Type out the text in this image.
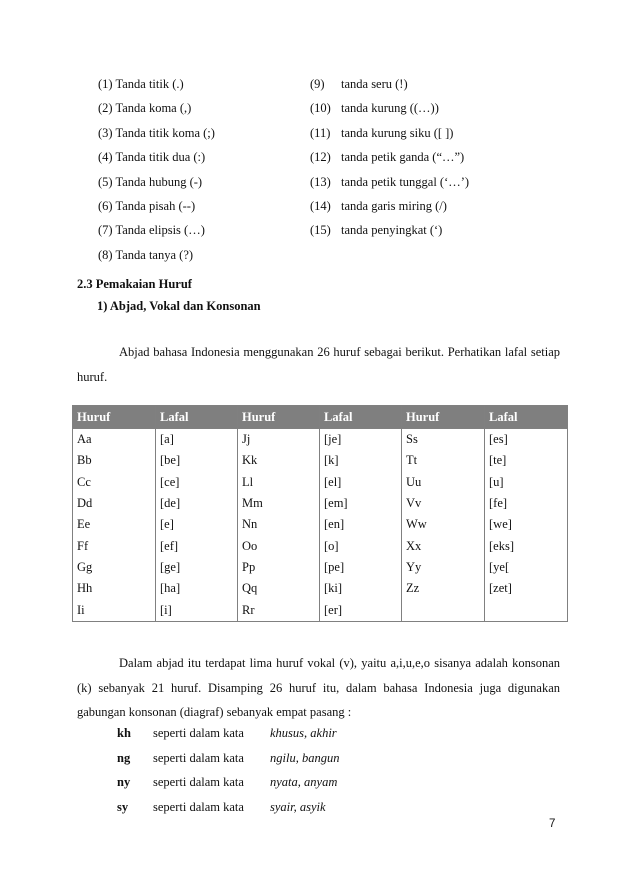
(1) Tanda titik (.)
(2) Tanda koma (,)
(3) Tanda titik koma (;)
(4) Tanda titik dua (:)
(5) Tanda hubung (-)
(6) Tanda pisah (--)
(7) Tanda elipsis (…)
(8) Tanda tanya (?)
(9) tanda seru (!)
(10) tanda kurung ((…))
(11) tanda kurung siku ([ ])
(12) tanda petik ganda (“…”)
(13) tanda petik tunggal (‘…’)
(14) tanda garis miring (/)
(15) tanda penyingkat (‘)
2.3 Pemakaian Huruf
1) Abjad, Vokal dan Konsonan
Abjad bahasa Indonesia menggunakan 26 huruf sebagai berikut. Perhatikan lafal setiap huruf.
Huruf	Lafal	Huruf	Lafal	Huruf	Lafal
Aa	[a]	Jj	[je]	Ss	[es]
Bb	[be]	Kk	[k]	Tt	[te]
Cc	[ce]	Ll	[el]	Uu	[u]
Dd	[de]	Mm	[em]	Vv	[fe]
Ee	[e]	Nn	[en]	Ww	[we]
Ff	[ef]	Oo	[o]	Xx	[eks]
Gg	[ge]	Pp	[pe]	Yy	[ye[
Hh	[ha]	Qq	[ki]	Zz	[zet]
Ii	[i]	Rr	[er]		
Dalam abjad itu terdapat lima huruf vokal (v), yaitu a,i,u,e,o sisanya adalah konsonan (k) sebanyak 21 huruf. Disamping 26 huruf itu, dalam bahasa Indonesia juga digunakan gabungan konsonan (diagraf) sebanyak empat pasang :
kh seperti dalam kata khusus, akhir
ng seperti dalam kata ngilu, bangun
ny seperti dalam kata nyata, anyam
sy seperti dalam kata syair, asyik
7
